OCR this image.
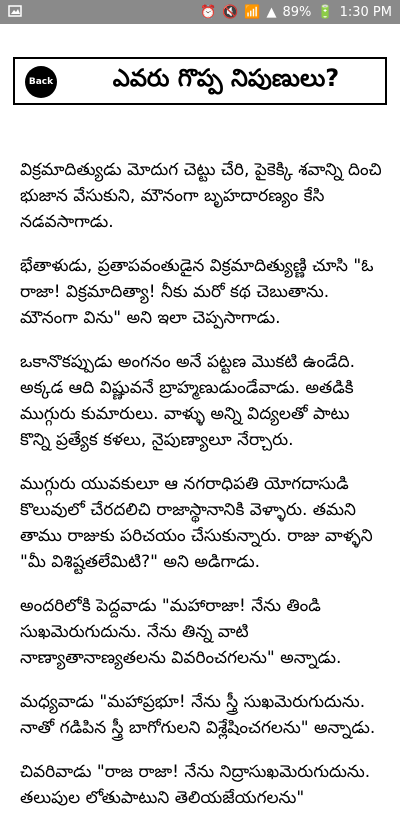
⏰ 🔇 📶 ▲ 89% 🔋 1:30 PM
Back	ఎవరు గొప్ప నిపుణులు?

విక్రమాదిత్యుడు మోదుగ చెట్టు చేరి, పైకెక్కి శవాన్ని దించి భుజాన వేసుకుని, మౌనంగా బృహదారణ్యం కేసి నడవసాగాడు.

భేతాళుడు, ప్రతాపవంతుడైన విక్రమాదిత్యుణ్ణి చూసి "ఓ రాజా! విక్రమాదిత్యా! నీకు మరో కథ చెబుతాను. మౌనంగా విను" అని ఇలా చెప్పసాగాడు.

ఒకానొకప్పుడు అంగనం అనే పట్టణ మొకటి ఉండేది. అక్కడ ఆది విష్ణువనే బ్రాహ్మణుడుండేవాడు. అతడికి ముగ్గురు కుమారులు. వాళ్ళు అన్ని విద్యలతో పాటు కొన్ని ప్రత్యేక కళలు, నైపుణ్యాలూ నేర్చారు.

ముగ్గురు యువకులూ ఆ నగరాధిపతి యోగదాసుడి కొలువులో చేరదలిచి రాజాస్థానానికి వెళ్ళారు. తమని తాము రాజుకు పరిచయం చేసుకున్నారు. రాజు వాళ్ళని "మీ విశిష్టతలేమిటి?" అని అడిగాడు.

అందరిలోకి పెద్దవాడు "మహారాజా! నేను తిండి సుఖమెరుగుదును. నేను తిన్న వాటి నాణ్యాతానాణ్యతలను వివరించగలను" అన్నాడు.

మధ్యవాడు "మహాప్రభూ! నేను స్త్రీ సుఖమెరుగుదును. నాతో గడిపిన స్త్రీ బాగోగులని విశ్లేషించగలను" అన్నాడు.

చివరివాడు "రాజ రాజా! నేను నిద్రాసుఖమెరుగుదును. తలుపుల లోతుపాటుని తెలియజేయగలను"
